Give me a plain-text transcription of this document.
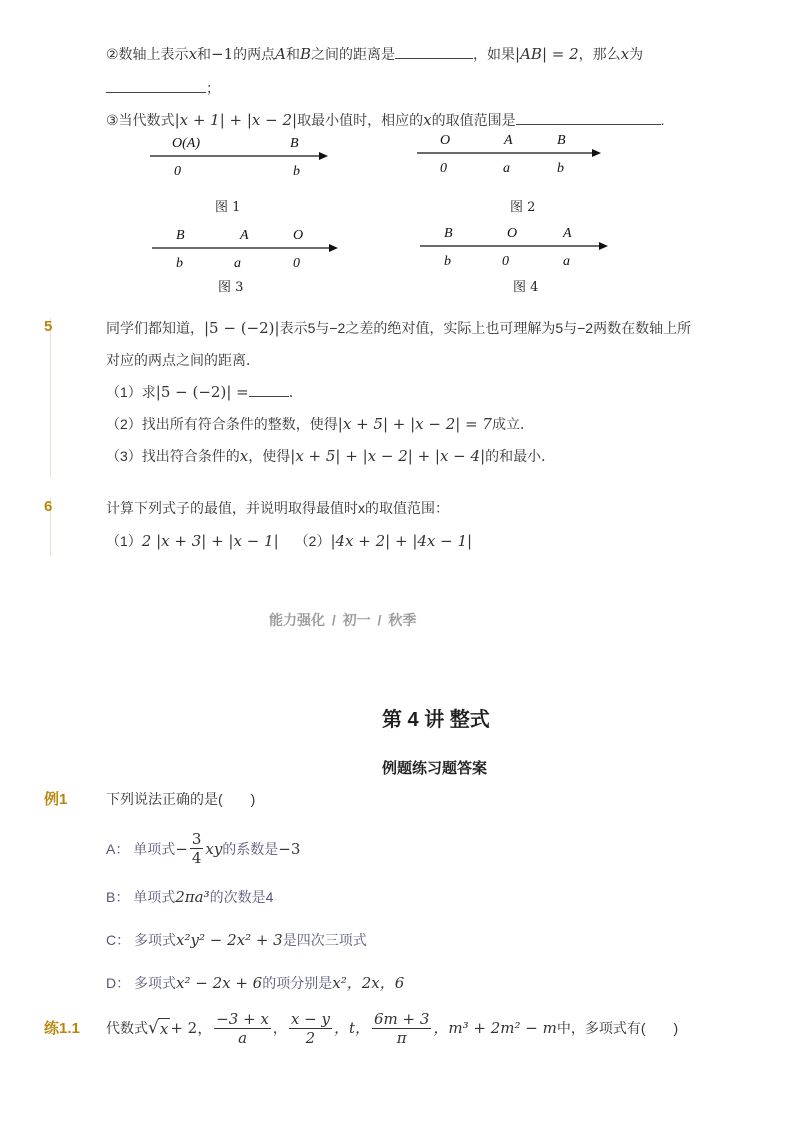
②数轴上表示x和−1的两点A和B之间的距离是	，如果|AB| = 2，那么x为
；
③当代数式|x + 1| + |x − 2|取最小值时，相应的x的取值范围是	.
O(A)	B
0	b
图 1
O	A	B
0	a	b
图 2
B	A	O
b	a	0
图 3
B	O	A
b	0	a
图 4
5	同学们都知道，|5 − (−2)|表示5与−2之差的绝对值，实际上也可理解为5与−2两数在数轴上所
对应的两点之间的距离．
（1）求|5 − (−2)| =	．
（2）找出所有符合条件的整数，使得|x + 5| + |x − 2| = 7成立．
（3）找出符合条件的x，使得|x + 5| + |x − 2| + |x − 4|的和最小．
6	计算下列式子的最值，并说明取得最值时x的取值范围：
（1）2 |x + 3| + |x − 1| （2）|4x + 2| + |4x − 1|
能力强化 / 初一 / 秋季
第 4 讲 整式
例题练习题答案
例1	下列说法正确的是(　　)
A： 单项式 − $\frac{3}{4}$ xy 的系数是 −3
B： 单项式2πa³的次数是4
C： 多项式x²y² − 2x² + 3是四次三项式
D： 多项式x² − 2x + 6的项分别是x²，2x，6
练1.1 代数式 √ x + 2， $\frac{-3 + x}{a}$ ， $\frac{x - y}{2}$ ，t， $\frac{6m + 3}{\pi}$ ，m³ + 2m² − m 中，多项式有(　　)
